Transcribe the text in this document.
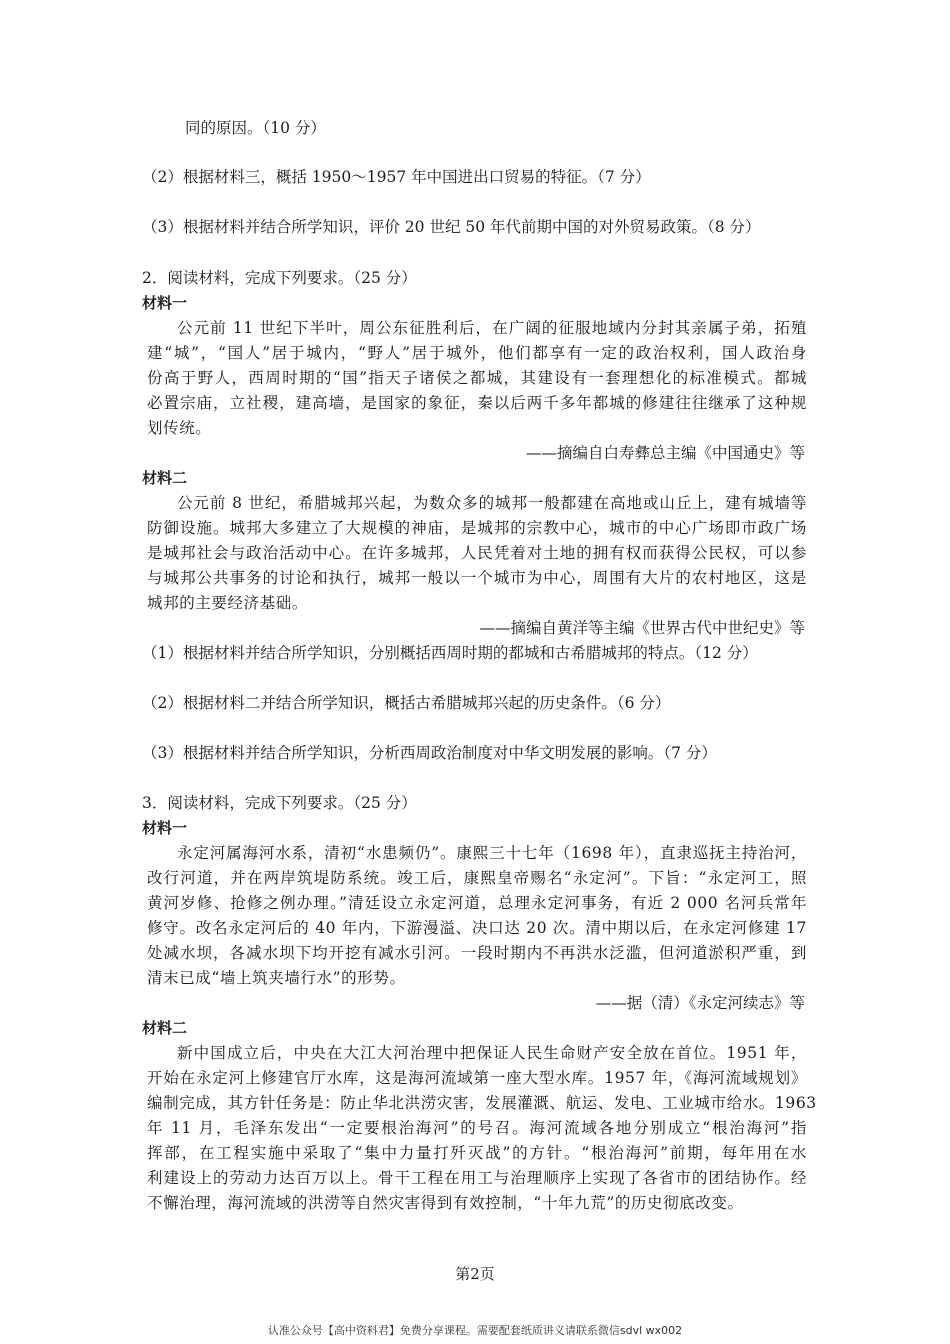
同的原因。（10 分）
（2）根据材料三，概括 1950～1957 年中国进出口贸易的特征。（7 分）
（3）根据材料并结合所学知识，评价 20 世纪 50 年代前期中国的对外贸易政策。（8 分）
2．阅读材料，完成下列要求。（25 分）
材料一
公元前 11 世纪下半叶，周公东征胜利后，在广阔的征服地域内分封其亲属子弟，拓殖
建“城”，“国人”居于城内，“野人”居于城外，他们都享有一定的政治权利，国人政治身
份高于野人，西周时期的“国”指天子诸侯之都城，其建设有一套理想化的标准模式。都城
必置宗庙，立社稷，建高墙，是国家的象征，秦以后两千多年都城的修建往往继承了这种规
划传统。
——摘编自白寿彝总主编《中国通史》等
材料二
公元前 8 世纪，希腊城邦兴起，为数众多的城邦一般都建在高地或山丘上，建有城墙等
防御设施。城邦大多建立了大规模的神庙，是城邦的宗教中心，城市的中心广场即市政广场
是城邦社会与政治活动中心。在许多城邦，人民凭着对土地的拥有权而获得公民权，可以参
与城邦公共事务的讨论和执行，城邦一般以一个城市为中心，周围有大片的农村地区，这是
城邦的主要经济基础。
——摘编自黄洋等主编《世界古代中世纪史》等
（1）根据材料并结合所学知识，分别概括西周时期的都城和古希腊城邦的特点。（12 分）
（2）根据材料二并结合所学知识，概括古希腊城邦兴起的历史条件。（6 分）
（3）根据材料并结合所学知识，分析西周政治制度对中华文明发展的影响。（7 分）
3．阅读材料，完成下列要求。（25 分）
材料一
永定河属海河水系，清初“水患频仍”。康熙三十七年（1698 年），直隶巡抚主持治河，
改行河道，并在两岸筑堤防系统。竣工后，康熙皇帝赐名“永定河”。下旨：“永定河工，照
黄河岁修、抢修之例办理。”清廷设立永定河道，总理永定河事务，有近 2 000 名河兵常年
修守。改名永定河后的 40 年内，下游漫溢、决口达 20 次。清中期以后，在永定河修建 17
处减水坝，各减水坝下均开挖有减水引河。一段时期内不再洪水泛滥，但河道淤积严重，到
清末已成“墙上筑夹墙行水”的形势。
——据（清）《永定河续志》等
材料二
新中国成立后，中央在大江大河治理中把保证人民生命财产安全放在首位。1951 年，
开始在永定河上修建官厅水库，这是海河流域第一座大型水库。1957 年，《海河流域规划》
编制完成，其方针任务是：防止华北洪涝灾害，发展灌溉、航运、发电、工业城市给水。1963
年 11 月，毛泽东发出“一定要根治海河”的号召。海河流域各地分别成立“根治海河”指
挥部，在工程实施中采取了“集中力量打歼灭战”的方针。“根治海河”前期，每年用在水
利建设上的劳动力达百万以上。骨干工程在用工与治理顺序上实现了各省市的团结协作。经
不懈治理，海河流域的洪涝等自然灾害得到有效控制，“十年九荒”的历史彻底改变。
第2页
认准公众号【高中资料君】免费分享课程。需要配套纸质讲义请联系微信sdvl wx002
